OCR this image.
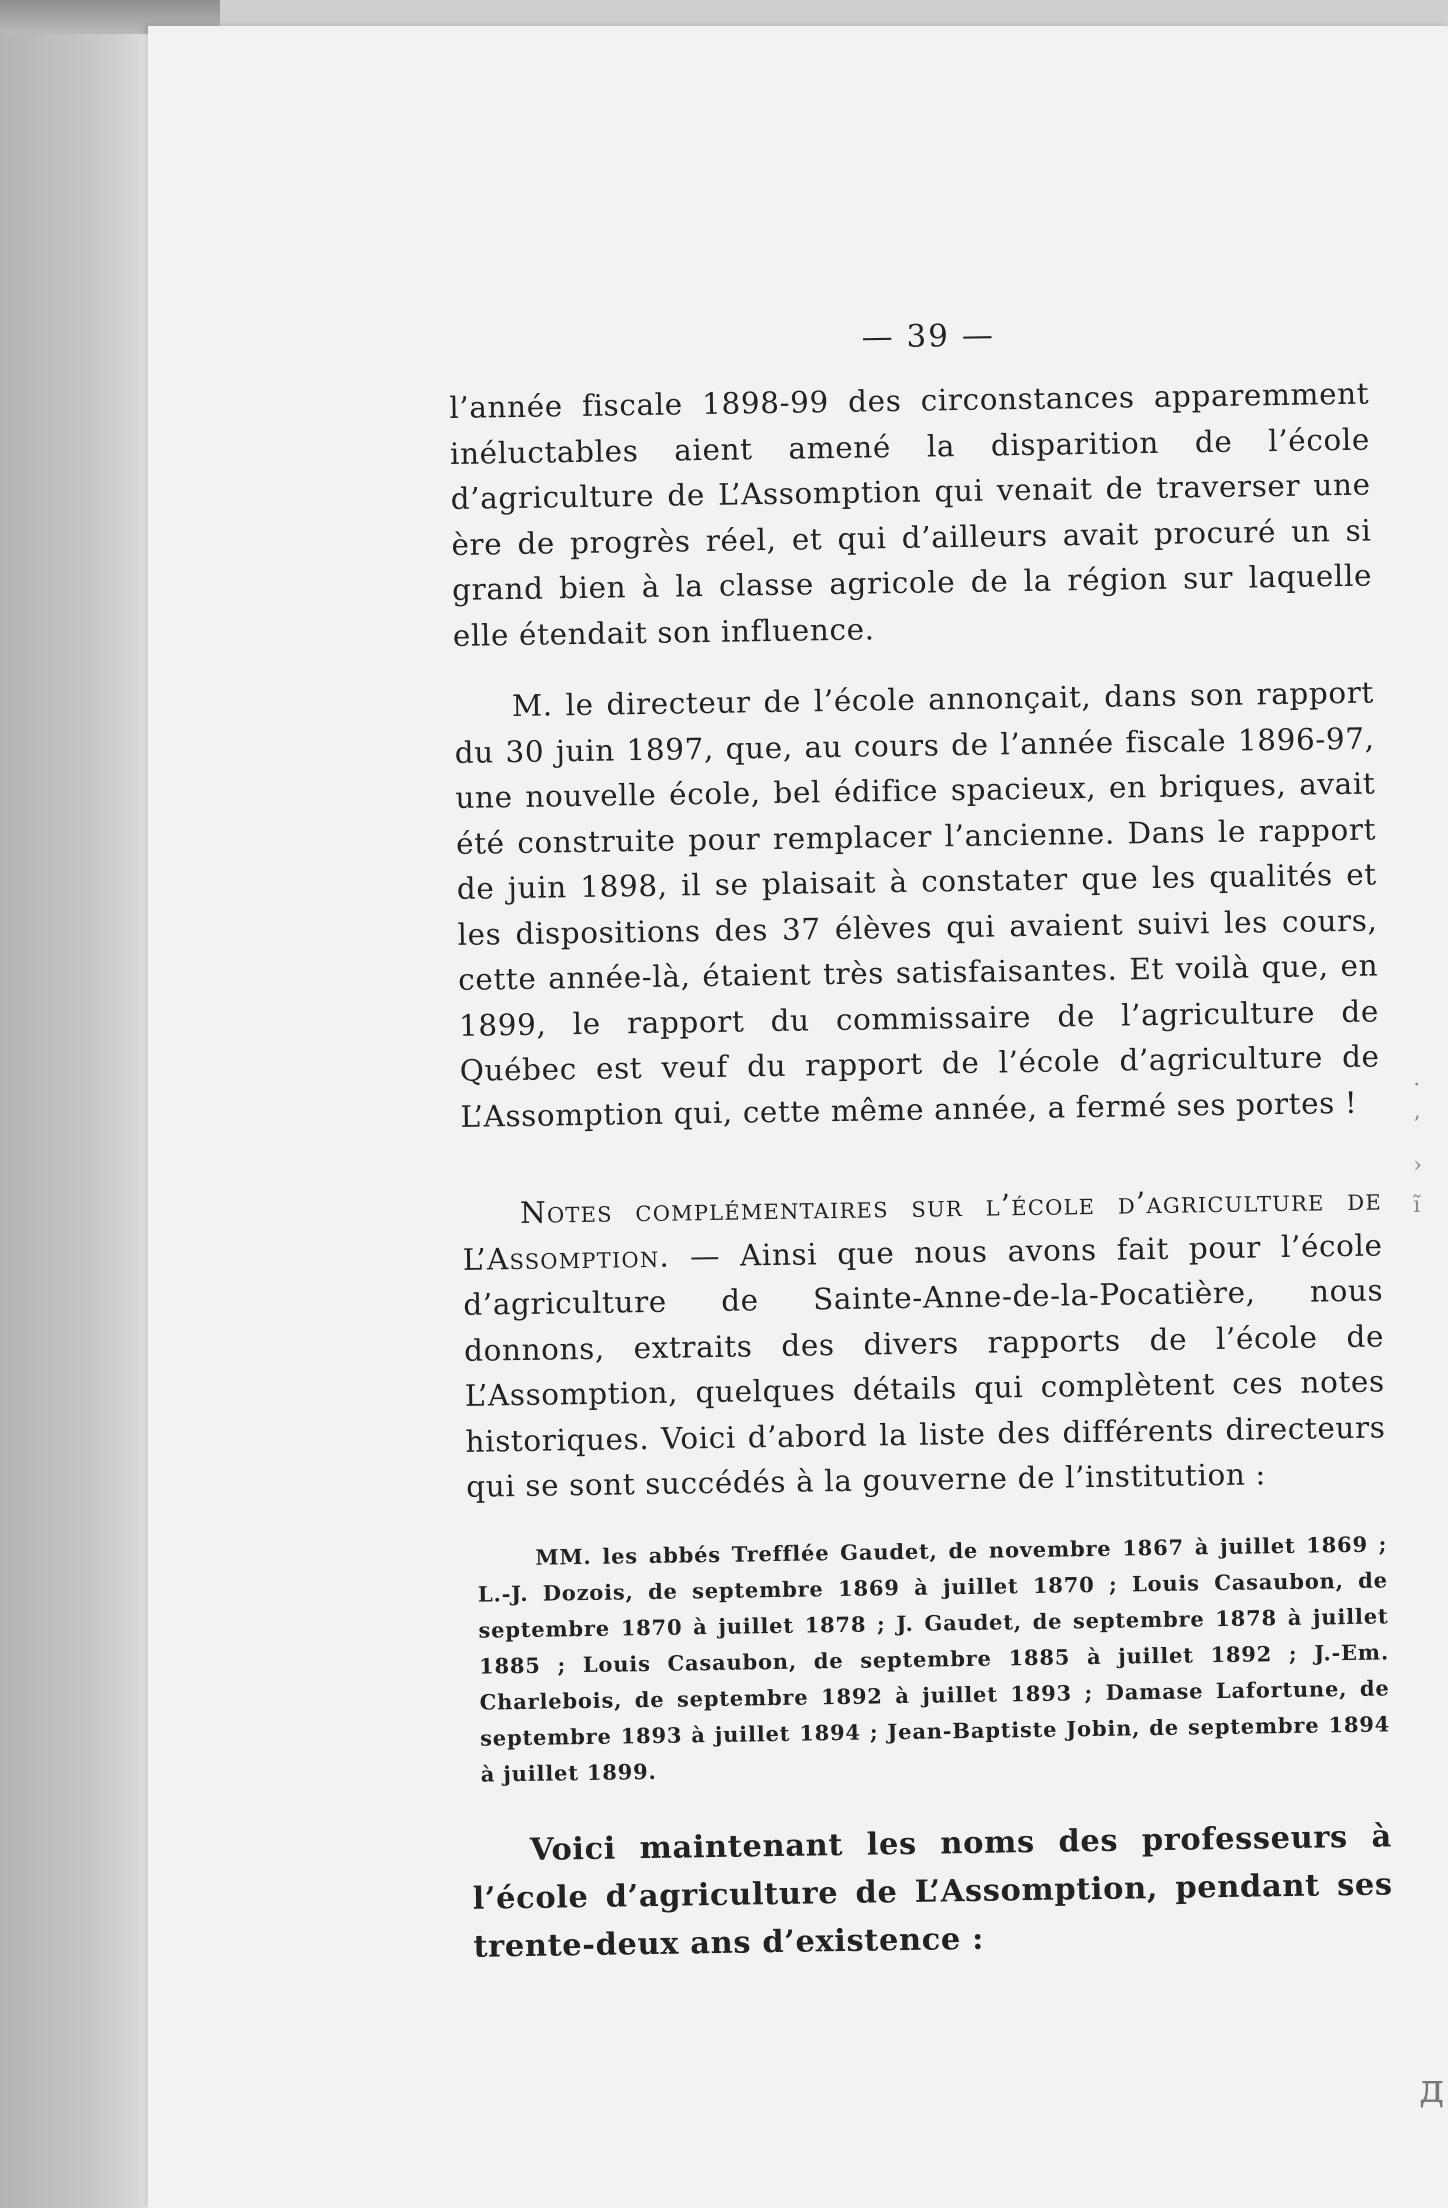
— 39 —

l’année fiscale 1898-99 des circonstances apparemment inéluctables aient amené la disparition de l’école d’agriculture de L’Assomption qui venait de traverser une ère de progrès réel, et qui d’ailleurs avait procuré un si grand bien à la classe agricole de la région sur laquelle elle étendait son influence.

M. le directeur de l’école annonçait, dans son rapport du 30 juin 1897, que, au cours de l’année fiscale 1896-97, une nouvelle école, bel édifice spacieux, en briques, avait été construite pour remplacer l’ancienne. Dans le rapport de juin 1898, il se plaisait à constater que les qualités et les dispositions des 37 élèves qui avaient suivi les cours, cette année-là, étaient très satisfaisantes. Et voilà que, en 1899, le rapport du commissaire de l’agriculture de Québec est veuf du rapport de l’école d’agriculture de L’Assomption qui, cette même année, a fermé ses portes !

Notes complémentaires sur l’école d’agriculture de L’Assomption. — Ainsi que nous avons fait pour l’école d’agriculture de Sainte-Anne-de-la-Pocatière, nous donnons, extraits des divers rapports de l’école de L’Assomption, quelques détails qui complètent ces notes historiques. Voici d’abord la liste des différents directeurs qui se sont succédés à la gouverne de l’institution :

MM. les abbés Trefflée Gaudet, de novembre 1867 à juillet 1869 ; L.-J. Dozois, de septembre 1869 à juillet 1870 ; Louis Casaubon, de septembre 1870 à juillet 1878 ; J. Gaudet, de septembre 1878 à juillet 1885 ; Louis Casaubon, de septembre 1885 à juillet 1892 ; J.-Em. Charlebois, de septembre 1892 à juillet 1893 ; Damase Lafortune, de septembre 1893 à juillet 1894 ; Jean-Baptiste Jobin, de septembre 1894 à juillet 1899.

Voici maintenant les noms des professeurs à l’école d’agriculture de L’Assomption, pendant ses trente-deux ans d’existence :

·
’
›
ĩ
д
